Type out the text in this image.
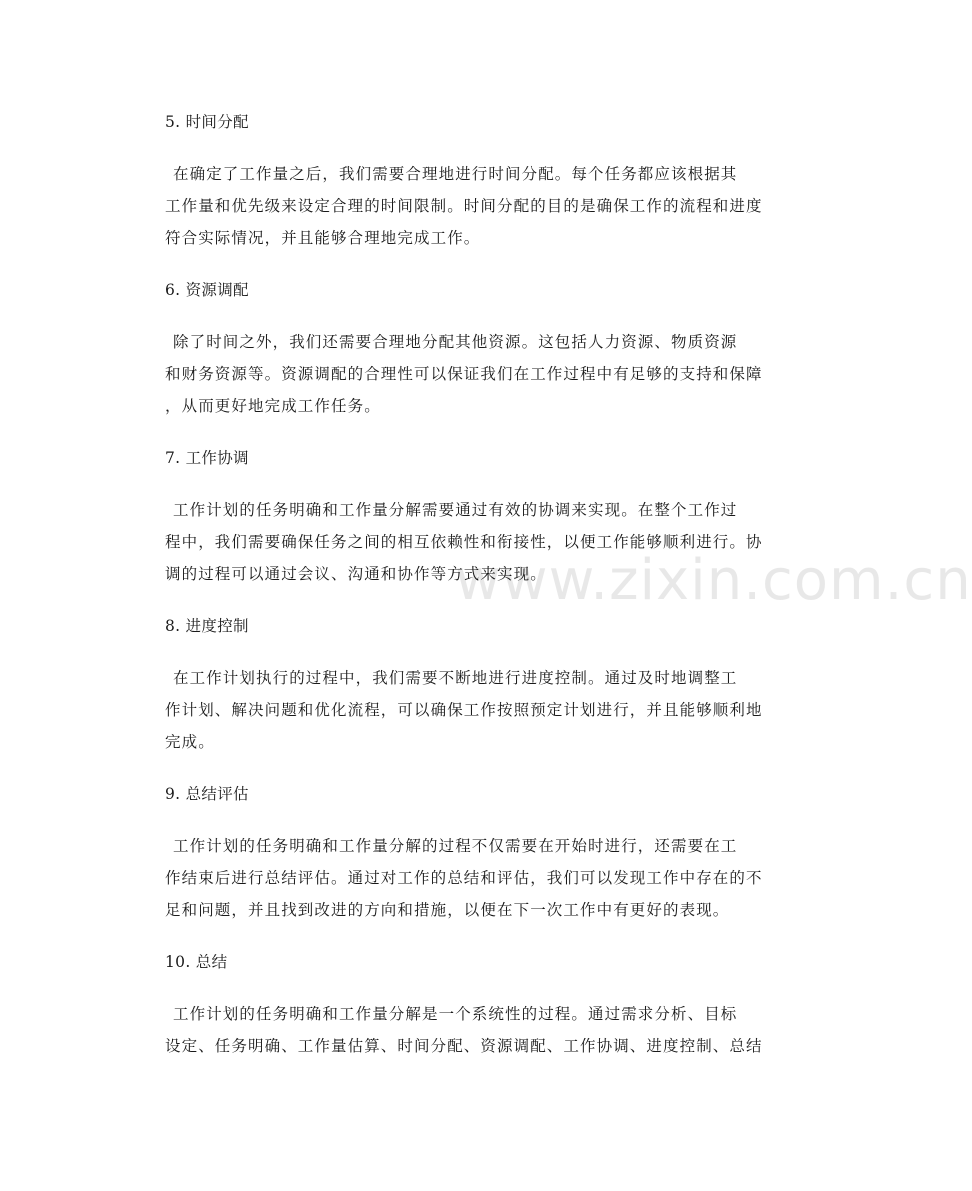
www.zixin.com.cn
5. 时间分配
在确定了工作量之后，我们需要合理地进行时间分配。每个任务都应该根据其
工作量和优先级来设定合理的时间限制。时间分配的目的是确保工作的流程和进度
符合实际情况，并且能够合理地完成工作。
6. 资源调配
除了时间之外，我们还需要合理地分配其他资源。这包括人力资源、物质资源
和财务资源等。资源调配的合理性可以保证我们在工作过程中有足够的支持和保障
，从而更好地完成工作任务。
7. 工作协调
工作计划的任务明确和工作量分解需要通过有效的协调来实现。在整个工作过
程中，我们需要确保任务之间的相互依赖性和衔接性，以便工作能够顺利进行。协
调的过程可以通过会议、沟通和协作等方式来实现。
8. 进度控制
在工作计划执行的过程中，我们需要不断地进行进度控制。通过及时地调整工
作计划、解决问题和优化流程，可以确保工作按照预定计划进行，并且能够顺利地
完成。
9. 总结评估
工作计划的任务明确和工作量分解的过程不仅需要在开始时进行，还需要在工
作结束后进行总结评估。通过对工作的总结和评估，我们可以发现工作中存在的不
足和问题，并且找到改进的方向和措施，以便在下一次工作中有更好的表现。
10. 总结
工作计划的任务明确和工作量分解是一个系统性的过程。通过需求分析、目标
设定、任务明确、工作量估算、时间分配、资源调配、工作协调、进度控制、总结
